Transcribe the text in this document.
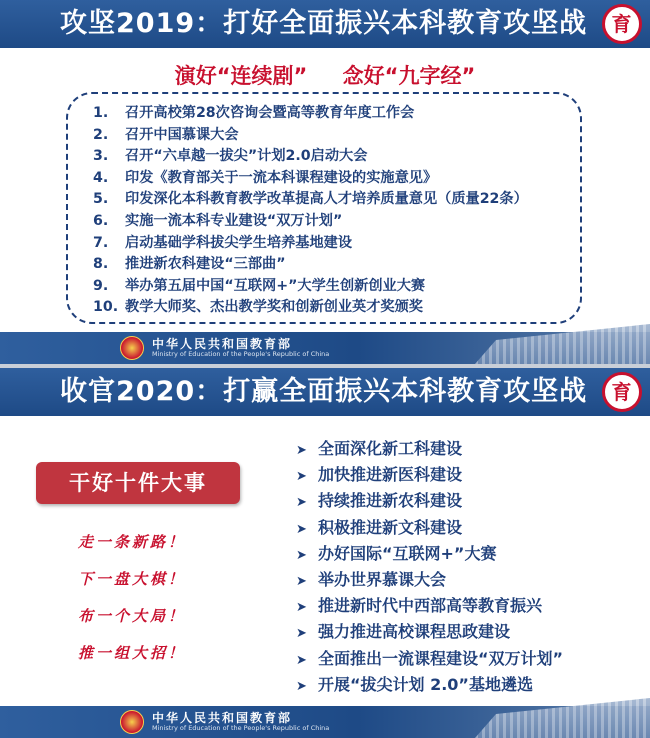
攻坚2019：打好全面振兴本科教育攻坚战	育
演好“连续剧” 念好“九字经”
1. 召开高校第28次咨询会暨高等教育年度工作会
2. 召开中国慕课大会
3. 召开“六卓越一拔尖”计划2.0启动大会
4. 印发《教育部关于一流本科课程建设的实施意见》
5. 印发深化本科教育教学改革提高人才培养质量意见（质量22条）
6. 实施一流本科专业建设“双万计划”
7. 启动基础学科拔尖学生培养基地建设
8. 推进新农科建设“三部曲”
9. 举办第五届中国“互联网+”大学生创新创业大赛
10. 教学大师奖、杰出教学奖和创新创业英才奖颁奖
中华人民共和国教育部
Ministry of Education of the People's Republic of China
收官2020：打赢全面振兴本科教育攻坚战	育
干好十件大事
走一条新路！
下一盘大棋！
布一个大局！
推一组大招！
➤ 全面深化新工科建设
➤ 加快推进新医科建设
➤ 持续推进新农科建设
➤ 积极推进新文科建设
➤ 办好国际“互联网+”大赛
➤ 举办世界慕课大会
➤ 推进新时代中西部高等教育振兴
➤ 强力推进高校课程思政建设
➤ 全面推出一流课程建设“双万计划”
➤ 开展“拔尖计划 2.0”基地遴选
中华人民共和国教育部
Ministry of Education of the People's Republic of China
